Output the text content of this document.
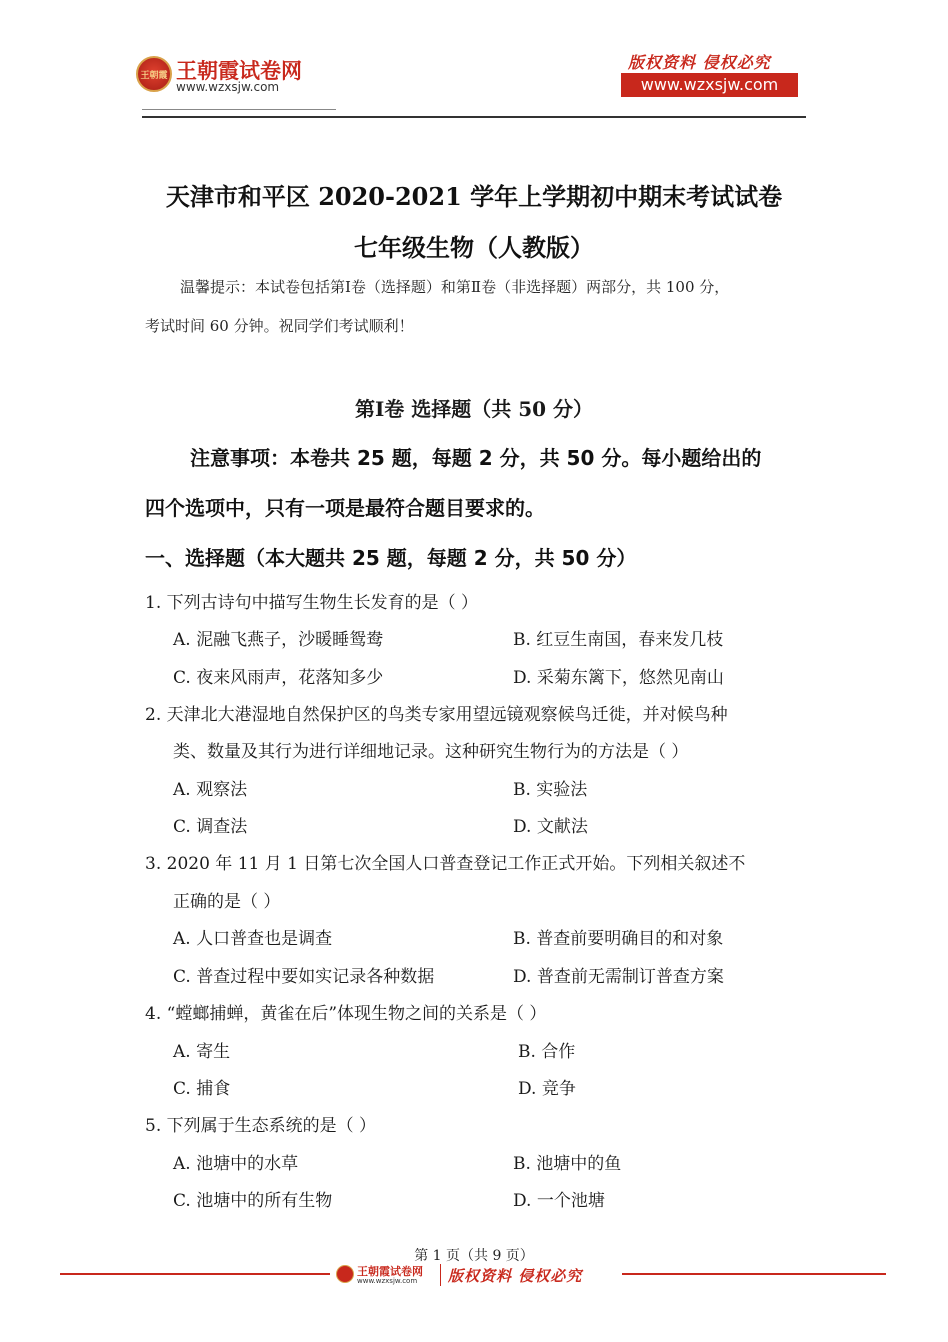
王朝霞 王朝霞试卷网
www.wzxsjw.com
版权资料 侵权必究
www.wzxsjw.com
天津市和平区 2020-2021 学年上学期初中期末考试试卷
七年级生物（人教版）
温馨提示：本试卷包括第Ⅰ卷（选择题）和第Ⅱ卷（非选择题）两部分，共 100 分，
考试时间 60 分钟。祝同学们考试顺利！
第Ⅰ卷 选择题（共 50 分）
注意事项：本卷共 25 题，每题 2 分，共 50 分。每小题给出的
四个选项中，只有一项是最符合题目要求的。
一、选择题（本大题共 25 题，每题 2 分，共 50 分）
1. 下列古诗句中描写生物生长发育的是（ ）
A. 泥融飞燕子，沙暖睡鸳鸯	B. 红豆生南国，春来发几枝
C. 夜来风雨声，花落知多少	D. 采菊东篱下，悠然见南山
2. 天津北大港湿地自然保护区的鸟类专家用望远镜观察候鸟迁徙，并对候鸟种
类、数量及其行为进行详细地记录。这种研究生物行为的方法是（ ）
A. 观察法	B. 实验法
C. 调查法	D. 文献法
3. 2020 年 11 月 1 日第七次全国人口普查登记工作正式开始。下列相关叙述不
正确的是（ ）
A. 人口普查也是调查	B. 普查前要明确目的和对象
C. 普查过程中要如实记录各种数据	D. 普查前无需制订普查方案
4. “螳螂捕蝉，黄雀在后”体现生物之间的关系是（ ）
A. 寄生	B. 合作
C. 捕食	D. 竞争
5. 下列属于生态系统的是（ ）
A. 池塘中的水草	B. 池塘中的鱼
C. 池塘中的所有生物	D. 一个池塘
第 1 页（共 9 页）
王朝霞试卷网
www.wzxsjw.com 版权资料 侵权必究
